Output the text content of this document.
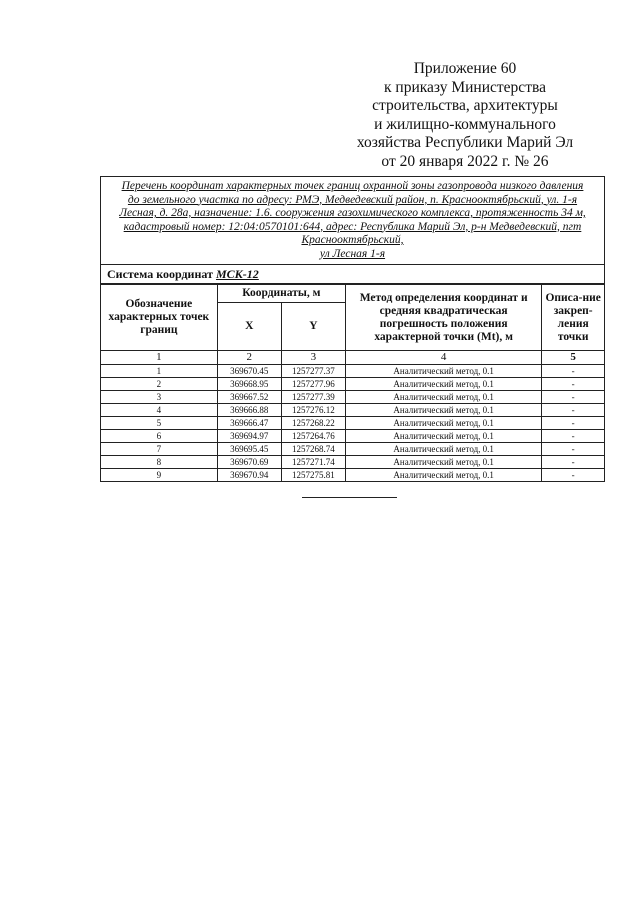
Приложение 60
к приказу Министерства
строительства, архитектуры
и жилищно-коммунального
хозяйства Республики Марий Эл
от 20 января 2022 г. № 26
Перечень координат характерных точек границ охранной зоны газопровода низкого давления
до земельного участка по адресу: РМЭ, Медведевский район, п. Краснооктябрьский, ул. 1-я
Лесная, д. 28а, назначение: 1.6. сооружения газохимического комплекса, протяженность 34 м,
кадастровый номер: 12:04:0570101:644, адрес: Республика Марий Эл, р-н Медведевский, пгт
Краснооктябрьский,
ул Лесная 1-я
Система координат МСК-12
Обозначение характерных точек границ	Координаты, м		Метод определения координат и средняя квадратическая погрешность положения характерной точки (Mt), м	Описа-ние закреп-ления точки
	X	Y		
1	2	3	4	5
1	369670.45	1257277.37	Аналитический метод, 0.1	-
2	369668.95	1257277.96	Аналитический метод, 0.1	-
3	369667.52	1257277.39	Аналитический метод, 0.1	-
4	369666.88	1257276.12	Аналитический метод, 0.1	-
5	369666.47	1257268.22	Аналитический метод, 0.1	-
6	369694.97	1257264.76	Аналитический метод, 0.1	-
7	369695.45	1257268.74	Аналитический метод, 0.1	-
8	369670.69	1257271.74	Аналитический метод, 0.1	-
9	369670.94	1257275.81	Аналитический метод, 0.1	-
